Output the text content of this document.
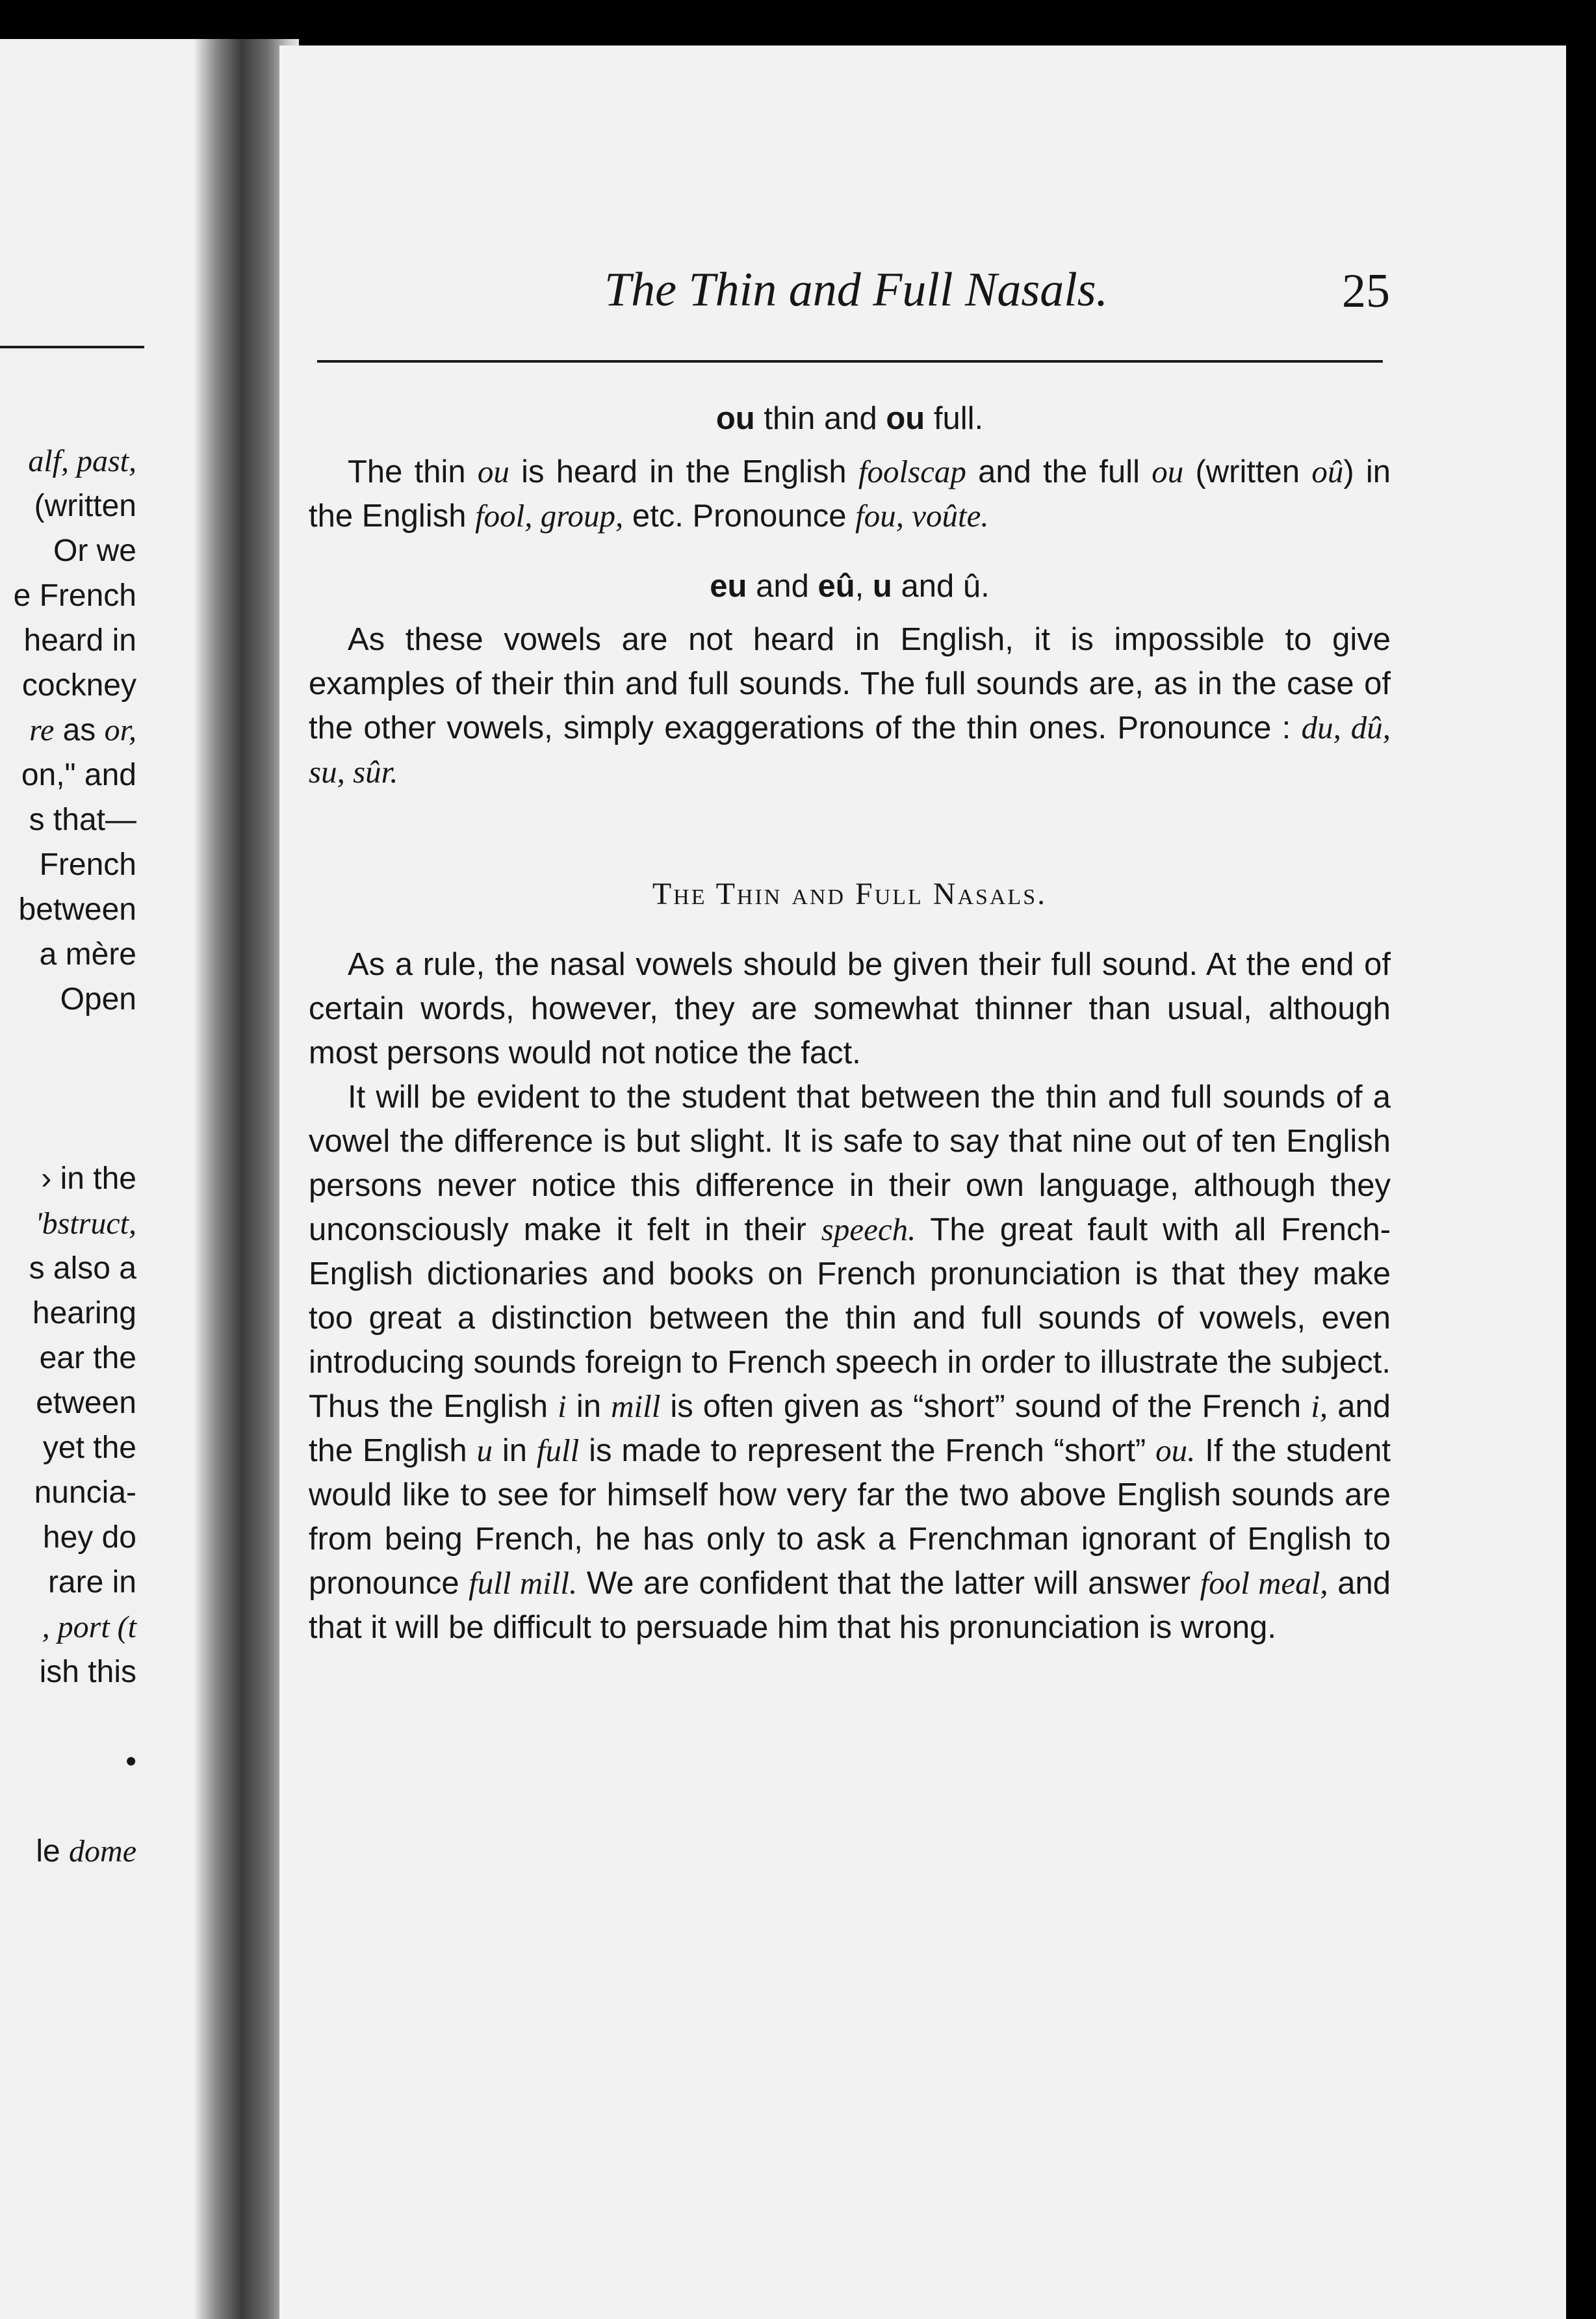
alf, past,
(written
Or we
e French
heard in
cockney
re as or,
on," and
s that—
French
between
a mère
Open
› in the
'bstruct,
s also a
hearing
ear the
etween
yet the
nuncia-
hey do
rare in
, port (t
ish this
•
le dome
The Thin and Full Nasals.	25
ou thin and ou full.

The thin ou is heard in the English foolscap and the full ou (written oû) in the English fool, group, etc. Pronounce fou, voûte.

eu and eû, u and û.

As these vowels are not heard in English, it is impossible to give examples of their thin and full sounds. The full sounds are, as in the case of the other vowels, simply exaggerations of the thin ones. Pronounce : du, dû, su, sûr.

The Thin and Full Nasals.

As a rule, the nasal vowels should be given their full sound. At the end of certain words, however, they are somewhat thinner than usual, although most persons would not notice the fact.

It will be evident to the student that between the thin and full sounds of a vowel the difference is but slight. It is safe to say that nine out of ten English persons never notice this difference in their own language, although they unconsciously make it felt in their speech. The great fault with all French-English dictionaries and books on French pronunciation is that they make too great a distinction between the thin and full sounds of vowels, even introducing sounds foreign to French speech in order to illustrate the subject. Thus the English i in mill is often given as “short” sound of the French i, and the English u in full is made to represent the French “short” ou. If the student would like to see for himself how very far the two above English sounds are from being French, he has only to ask a Frenchman ignorant of English to pronounce full mill. We are confident that the latter will answer fool meal, and that it will be difficult to persuade him that his pronunciation is wrong.
